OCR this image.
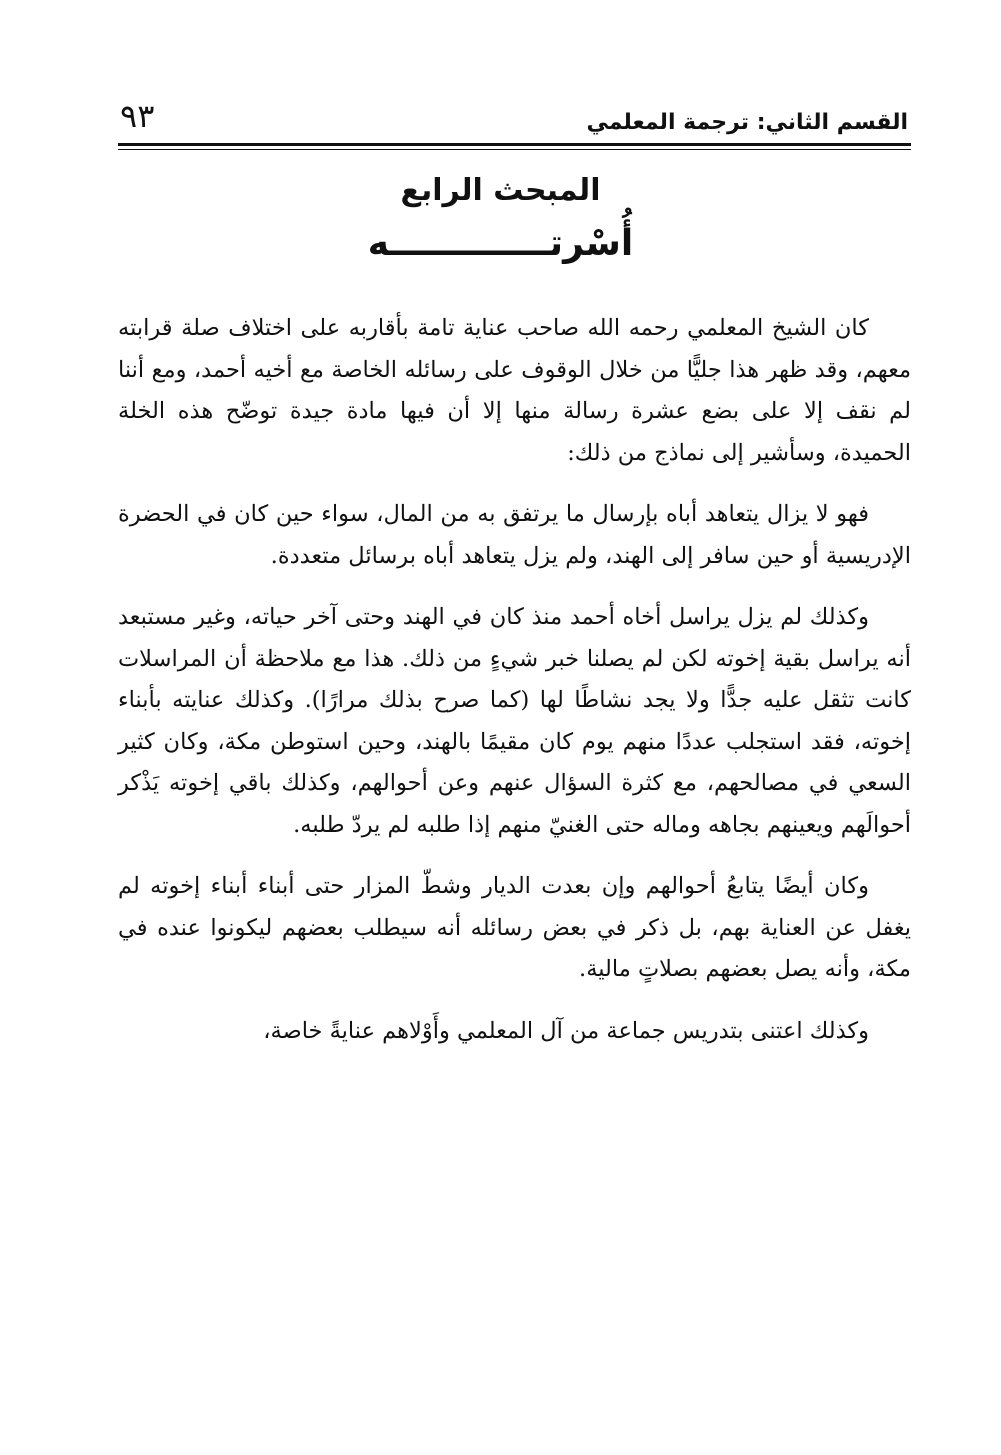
القسم الثاني: ترجمة المعلمي
٩٣
المبحث الرابع
أُسْرتـــــــــــــه

كان الشيخ المعلمي رحمه الله صاحب عناية تامة بأقاربه على اختلاف صلة قرابته معهم، وقد ظهر هذا جليًّا من خلال الوقوف على رسائله الخاصة مع أخيه أحمد، ومع أننا لم نقف إلا على بضع عشرة رسالة منها إلا أن فيها مادة جيدة توضّح هذه الخلة الحميدة، وسأشير إلى نماذج من ذلك:

فهو لا يزال يتعاهد أباه بإرسال ما يرتفق به من المال، سواء حين كان في الحضرة الإدريسية أو حين سافر إلى الهند، ولم يزل يتعاهد أباه برسائل متعددة.

وكذلك لم يزل يراسل أخاه أحمد منذ كان في الهند وحتى آخر حياته، وغير مستبعد أنه يراسل بقية إخوته لكن لم يصلنا خبر شيءٍ من ذلك. هذا مع ملاحظة أن المراسلات كانت تثقل عليه جدًّا ولا يجد نشاطًا لها (كما صرح بذلك مرارًا). وكذلك عنايته بأبناء إخوته، فقد استجلب عددًا منهم يوم كان مقيمًا بالهند، وحين استوطن مكة، وكان كثير السعي في مصالحهم، مع كثرة السؤال عنهم وعن أحوالهم، وكذلك باقي إخوته يَذْكر أحوالَهم ويعينهم بجاهه وماله حتى الغنيّ منهم إذا طلبه لم يردّ طلبه.

وكان أيضًا يتابعُ أحوالهم وإن بعدت الديار وشطّ المزار حتى أبناء أبناء إخوته لم يغفل عن العناية بهم، بل ذكر في بعض رسائله أنه سيطلب بعضهم ليكونوا عنده في مكة، وأنه يصل بعضهم بصلاتٍ مالية.

وكذلك اعتنى بتدريس جماعة من آل المعلمي وأَوْلاهم عنايةً خاصة،
